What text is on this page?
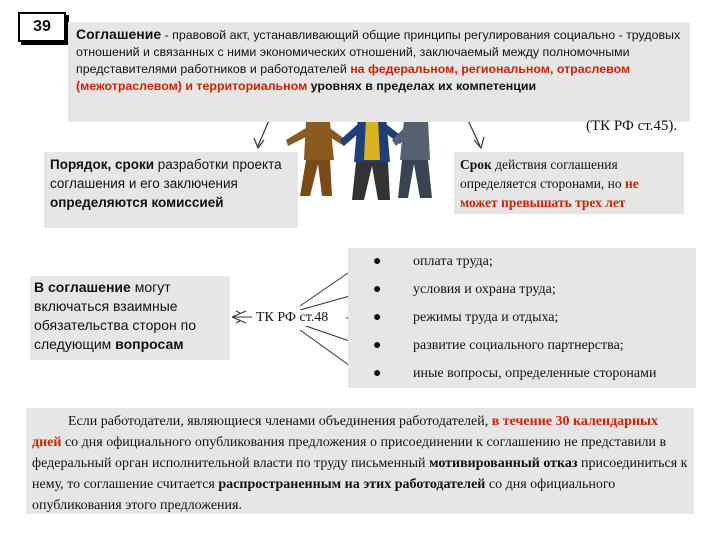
39	Соглашение - правовой акт, устанавливающий общие принципы регулирования социально - трудовых отношений и связанных с ними экономических отношений, заключаемый между полномочными представителями работников и работодателей на федеральном, региональном, отраслевом (межотраслевом) и территориальном уровнях в пределах их компетенции
(ТК РФ ст.45).
Порядок, сроки разработки проекта соглашения и его заключения определяются комиссией
Срок действия соглашения определяется сторонами, но не может превышать трех лет
В соглашение могут включаться взаимные обязательства сторон по следующим вопросам
ТК РФ ст.48
● оплата труда;
● условия и охрана труда;
● режимы труда и отдыха;
● развитие социального партнерства;
● иные вопросы, определенные сторонами
Если работодатели, являющиеся членами объединения работодателей, в течение 30 календарных дней со дня официального опубликования предложения о присоединении к соглашению не представили в федеральный орган исполнительной власти по труду письменный мотивированный отказ присоединиться к нему, то соглашение считается распространенным на этих работодателей со дня официального опубликования этого предложения.
